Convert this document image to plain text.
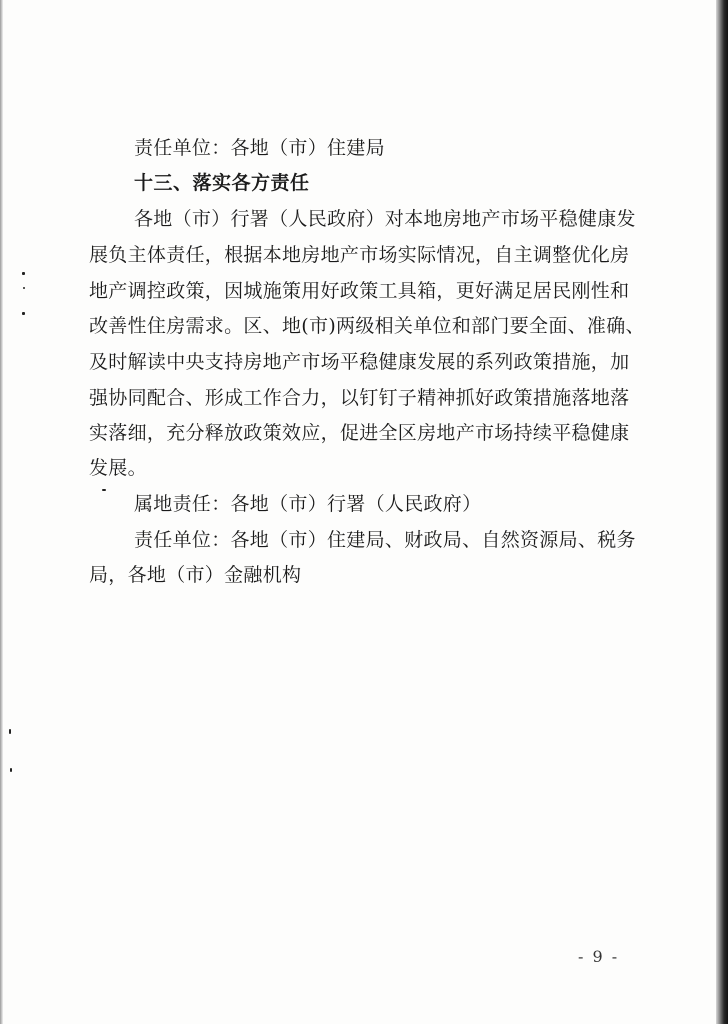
责任单位：各地（市）住建局

十三、落实各方责任

各地（市）行署（人民政府）对本地房地产市场平稳健康发

展负主体责任，根据本地房地产市场实际情况，自主调整优化房

地产调控政策，因城施策用好政策工具箱，更好满足居民刚性和

改善性住房需求。区、地(市)两级相关单位和部门要全面、准确、

及时解读中央支持房地产市场平稳健康发展的系列政策措施，加

强协同配合、形成工作合力，以钉钉子精神抓好政策措施落地落

实落细，充分释放政策效应，促进全区房地产市场持续平稳健康

发展。

属地责任：各地（市）行署（人民政府）

责任单位：各地（市）住建局、财政局、自然资源局、税务

局，各地（市）金融机构

- 9 -
